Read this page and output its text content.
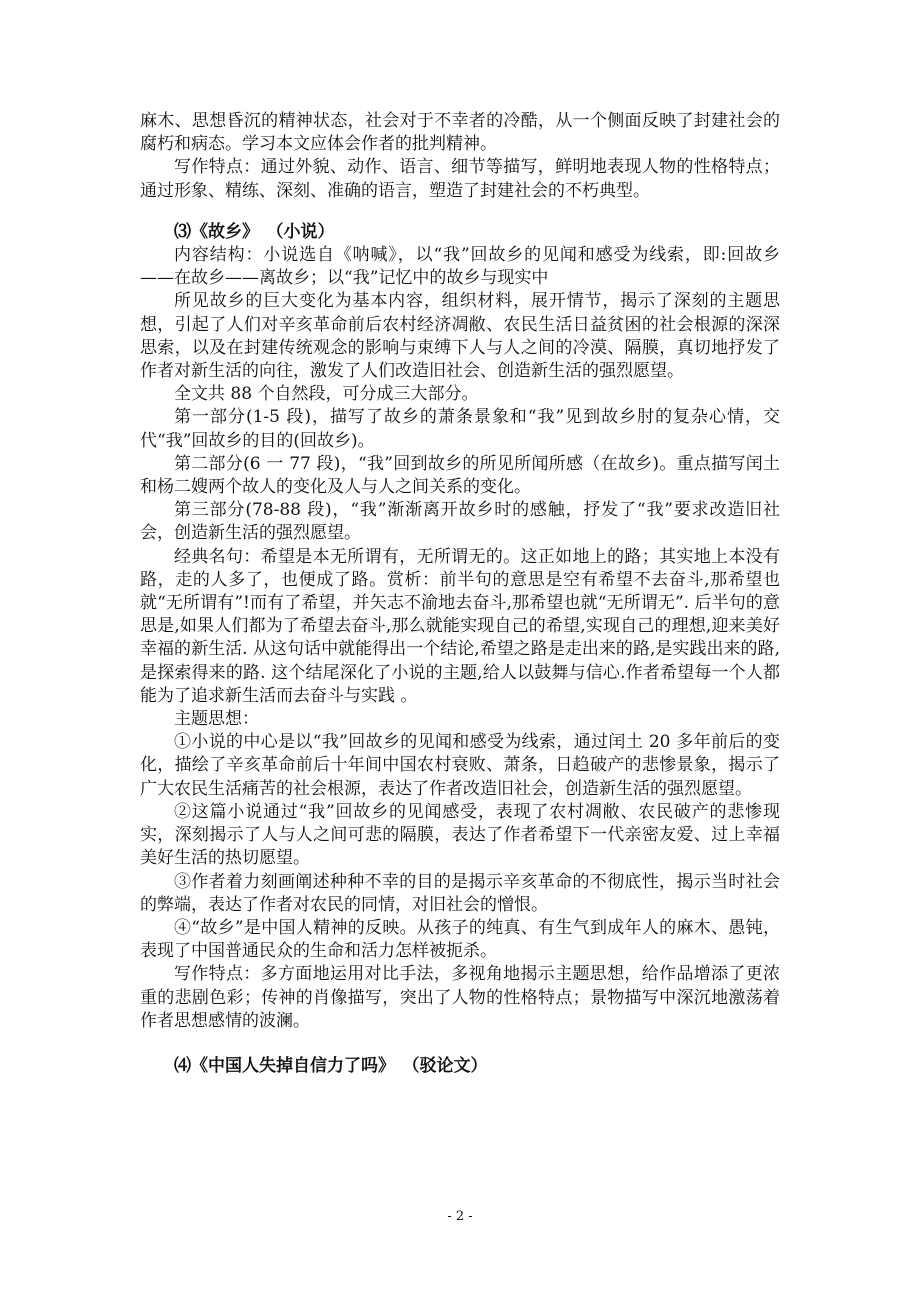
麻木、思想昏沉的精神状态，社会对于不幸者的冷酷，从一个侧面反映了封建社会的腐朽和病态。学习本文应体会作者的批判精神。

写作特点：通过外貌、动作、语言、细节等描写，鲜明地表现人物的性格特点；通过形象、精练、深刻、准确的语言，塑造了封建社会的不朽典型。

⑶《故乡》 （小说）

内容结构：小说选自《呐喊》，以“我”回故乡的见闻和感受为线索，即:回故乡——在故乡——离故乡；以“我”记忆中的故乡与现实中

所见故乡的巨大变化为基本内容，组织材料，展开情节，揭示了深刻的主题思想，引起了人们对辛亥革命前后农村经济凋敝、农民生活日益贫困的社会根源的深深思索，以及在封建传统观念的影响与束缚下人与人之间的冷漠、隔膜，真切地抒发了作者对新生活的向往，激发了人们改造旧社会、创造新生活的强烈愿望。

全文共 88 个自然段，可分成三大部分。

第一部分(1-5 段)，描写了故乡的萧条景象和“我”见到故乡肘的复杂心情，交代“我”回故乡的目的(回故乡)。

第二部分(6 一 77 段)，“我”回到故乡的所见所闻所感（在故乡)。重点描写闰土和杨二嫂两个故人的变化及人与人之间关系的变化。

第三部分(78-88 段)，“我”渐渐离开故乡时的感触，抒发了“我”要求改造旧社会，创造新生活的强烈愿望。

经典名句：希望是本无所谓有，无所谓无的。这正如地上的路；其实地上本没有路，走的人多了，也便成了路。赏析：前半句的意思是空有希望不去奋斗,那希望也就“无所谓有”!而有了希望，并矢志不渝地去奋斗,那希望也就“无所谓无”. 后半句的意思是,如果人们都为了希望去奋斗,那么就能实现自己的希望,实现自己的理想,迎来美好幸福的新生活. 从这句话中就能得出一个结论,希望之路是走出来的路,是实践出来的路,是探索得来的路. 这个结尾深化了小说的主题,给人以鼓舞与信心.作者希望每一个人都能为了追求新生活而去奋斗与实践 。

主题思想：

①小说的中心是以“我”回故乡的见闻和感受为线索，通过闰土 20 多年前后的变化，描绘了辛亥革命前后十年间中国农村衰败、萧条，日趋破产的悲惨景象，揭示了广大农民生活痛苦的社会根源，表达了作者改造旧社会，创造新生活的强烈愿望。

②这篇小说通过“我”回故乡的见闻感受，表现了农村凋敝、农民破产的悲惨现实，深刻揭示了人与人之间可悲的隔膜，表达了作者希望下一代亲密友爱、过上幸福美好生活的热切愿望。

③作者着力刻画阐述种种不幸的目的是揭示辛亥革命的不彻底性，揭示当时社会的弊端，表达了作者对农民的同情，对旧社会的憎恨。

④“故乡”是中国人精神的反映。从孩子的纯真、有生气到成年人的麻木、愚钝，表现了中国普通民众的生命和活力怎样被扼杀。

写作特点：多方面地运用对比手法，多视角地揭示主题思想，给作品增添了更浓重的悲剧色彩；传神的肖像描写，突出了人物的性格特点；景物描写中深沉地激荡着作者思想感情的波澜。

⑷《中国人失掉自信力了吗》 （驳论文）

- 2 -
